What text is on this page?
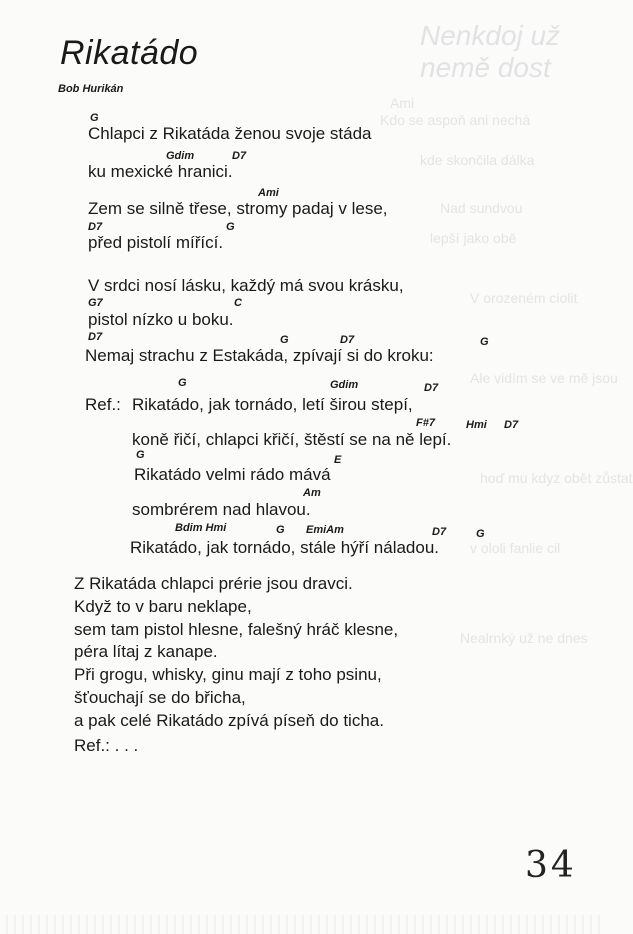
Nenkdoj už nemě dost
Ami
Kdo se aspoň ani nechá
kde skončila dálka
Nad sundvou
lepší jako obě
V orozeném ciolit
Ale vidím se ve mě jsou
hoď mu kdyz obět zůstat
v ololi fanlie cil
Nealrnký už ne dnes
Rikatádo
Bob Hurikán
G
Chlapci z Rikatáda ženou svoje stáda
Gdim	D7
ku mexické hranici.
Ami
Zem se silně třese, stromy padaj v lese,
D7	G
před pistolí mířící.
V srdci nosí lásku, každý má svou krásku,
G7	C
pistol nízko u boku.
D7	G	D7	G
Nemaj strachu z Estakáda, zpívají si do kroku:
G	Gdim	D7
Ref.: Rikatádo, jak tornádo, letí širou stepí,
F#7	Hmi D7
koně řičí, chlapci křičí, štěstí se na ně lepí.
G	E
Rikatádo velmi rádo mává
Am
sombrérem nad hlavou.
Bdim Hmi	G EmiAm	D7	G
Rikatádo, jak tornádo, stále hýří náladou.
Z Rikatáda chlapci prérie jsou dravci.
Když to v baru neklape,
sem tam pistol hlesne, falešný hráč klesne,
péra lítaj z kanape.
Při grogu, whisky, ginu mají z toho psinu,
šťouchají se do břicha,
a pak celé Rikatádo zpívá píseň do ticha.
Ref.: . . .
34
